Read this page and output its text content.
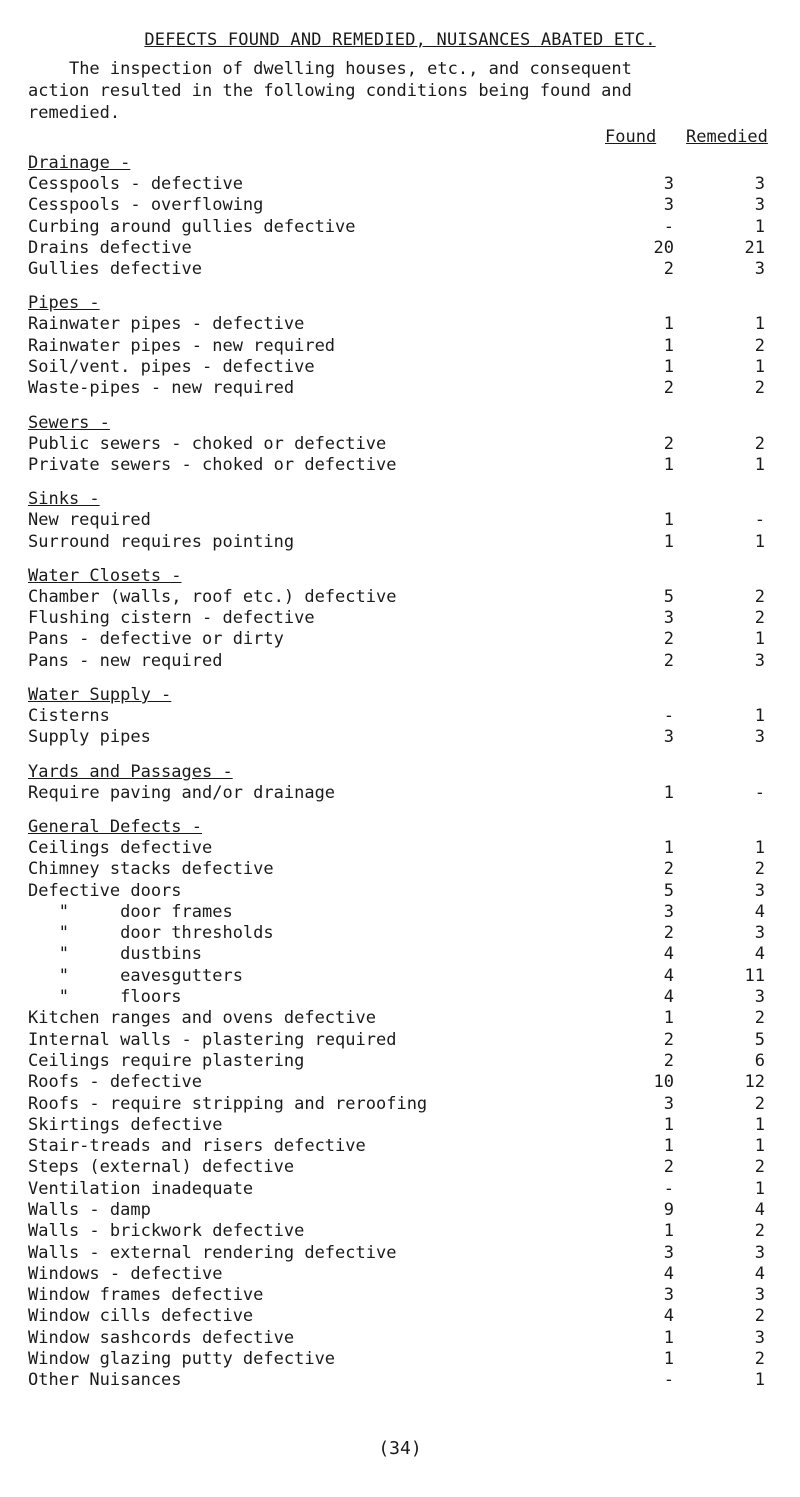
DEFECTS FOUND AND REMEDIED, NUISANCES ABATED ETC.
The inspection of dwelling houses, etc., and consequent
action resulted in the following conditions being found and
remedied.
Found Remedied
Drainage -
Cesspools - defective	3	3
Cesspools - overflowing	3	3
Curbing around gullies defective	-	1
Drains defective	20	21
Gullies defective	2	3
Pipes -
Rainwater pipes - defective	1	1
Rainwater pipes - new required	1	2
Soil/vent. pipes - defective	1	1
Waste-pipes - new required	2	2
Sewers -
Public sewers - choked or defective	2	2
Private sewers - choked or defective	1	1
Sinks -
New required	1	-
Surround requires pointing	1	1
Water Closets -
Chamber (walls, roof etc.) defective	5	2
Flushing cistern - defective	3	2
Pans - defective or dirty	2	1
Pans - new required	2	3
Water Supply -
Cisterns	-	1
Supply pipes	3	3
Yards and Passages -
Require paving and/or drainage	1	-
General Defects -
Ceilings defective	1	1
Chimney stacks defective	2	2
Defective doors	5	3
"     door frames	3	4
"     door thresholds	2	3
"     dustbins	4	4
"     eavesgutters	4	11
"     floors	4	3
Kitchen ranges and ovens defective	1	2
Internal walls - plastering required	2	5
Ceilings require plastering	2	6
Roofs - defective	10	12
Roofs - require stripping and reroofing	3	2
Skirtings defective	1	1
Stair-treads and risers defective	1	1
Steps (external) defective	2	2
Ventilation inadequate	-	1
Walls - damp	9	4
Walls - brickwork defective	1	2
Walls - external rendering defective	3	3
Windows - defective	4	4
Window frames defective	3	3
Window cills defective	4	2
Window sashcords defective	1	3
Window glazing putty defective	1	2
Other Nuisances	-	1
(34)
